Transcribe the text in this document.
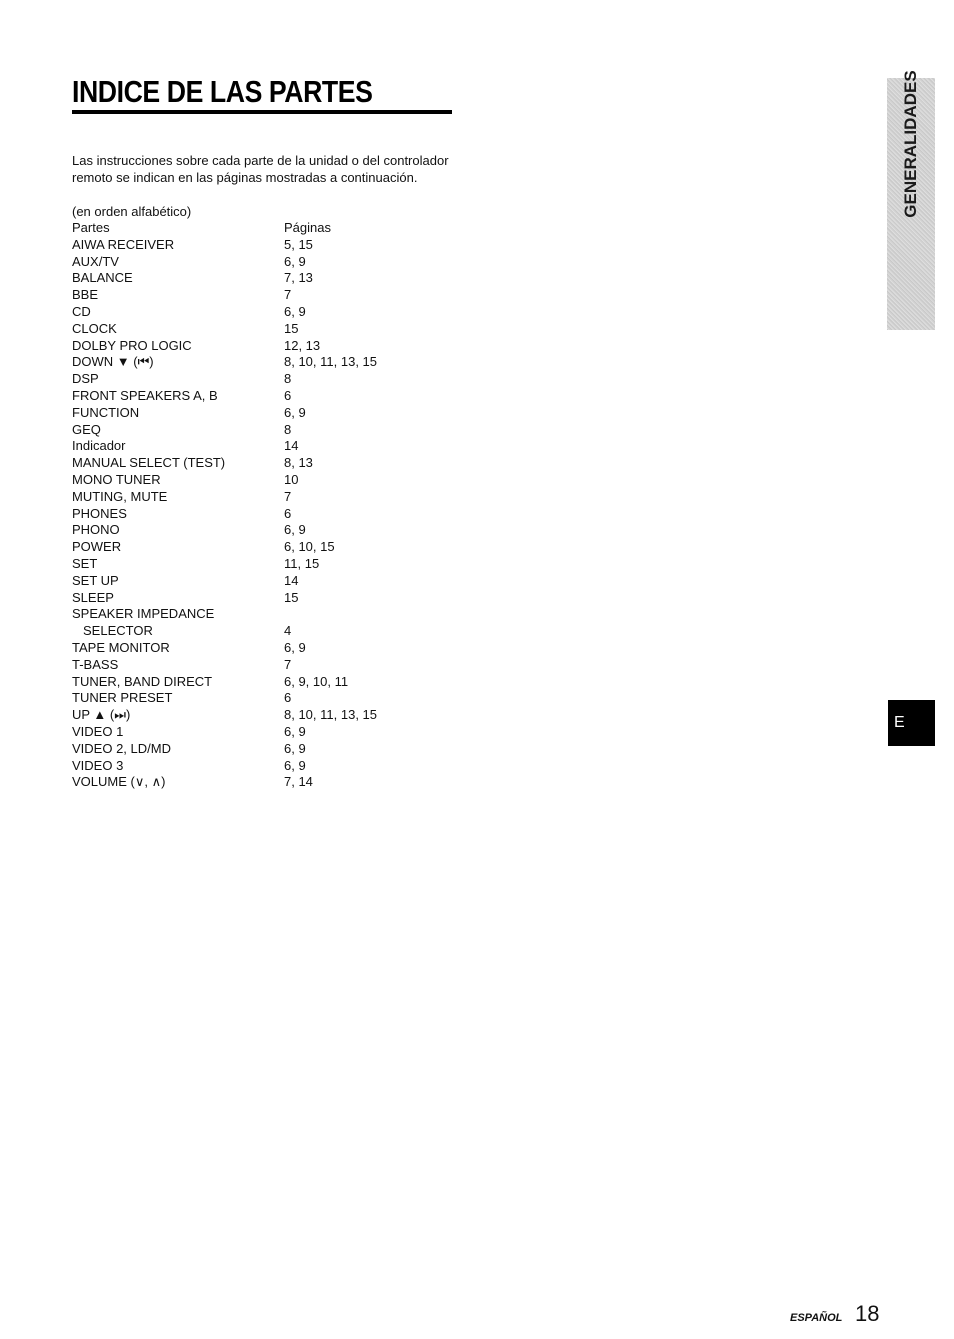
INDICE DE LAS PARTES

Las instrucciones sobre cada parte de la unidad o del controlador remoto se indican en las páginas mostradas a continuación.

(en orden alfabético)
Partes	Páginas
AIWA RECEIVER	5, 15
AUX/TV	6, 9
BALANCE	7, 13
BBE	7
CD	6, 9
CLOCK	15
DOLBY PRO LOGIC	12, 13
DOWN ▼ (⏮)	8, 10, 11, 13, 15
DSP	8
FRONT SPEAKERS A, B	6
FUNCTION	6, 9
GEQ	8
Indicador	14
MANUAL SELECT (TEST)	8, 13
MONO TUNER	10
MUTING, MUTE	7
PHONES	6
PHONO	6, 9
POWER	6, 10, 15
SET	11, 15
SET UP	14
SLEEP	15
SPEAKER IMPEDANCE	
SELECTOR	4
TAPE MONITOR	6, 9
T-BASS	7
TUNER, BAND DIRECT	6, 9, 10, 11
TUNER PRESET	6
UP ▲ (⏭)	8, 10, 11, 13, 15
VIDEO 1	6, 9
VIDEO 2, LD/MD	6, 9
VIDEO 3	6, 9
VOLUME (∨, ∧)	7, 14
GENERALIDADES
E
ESPAÑOL 18
